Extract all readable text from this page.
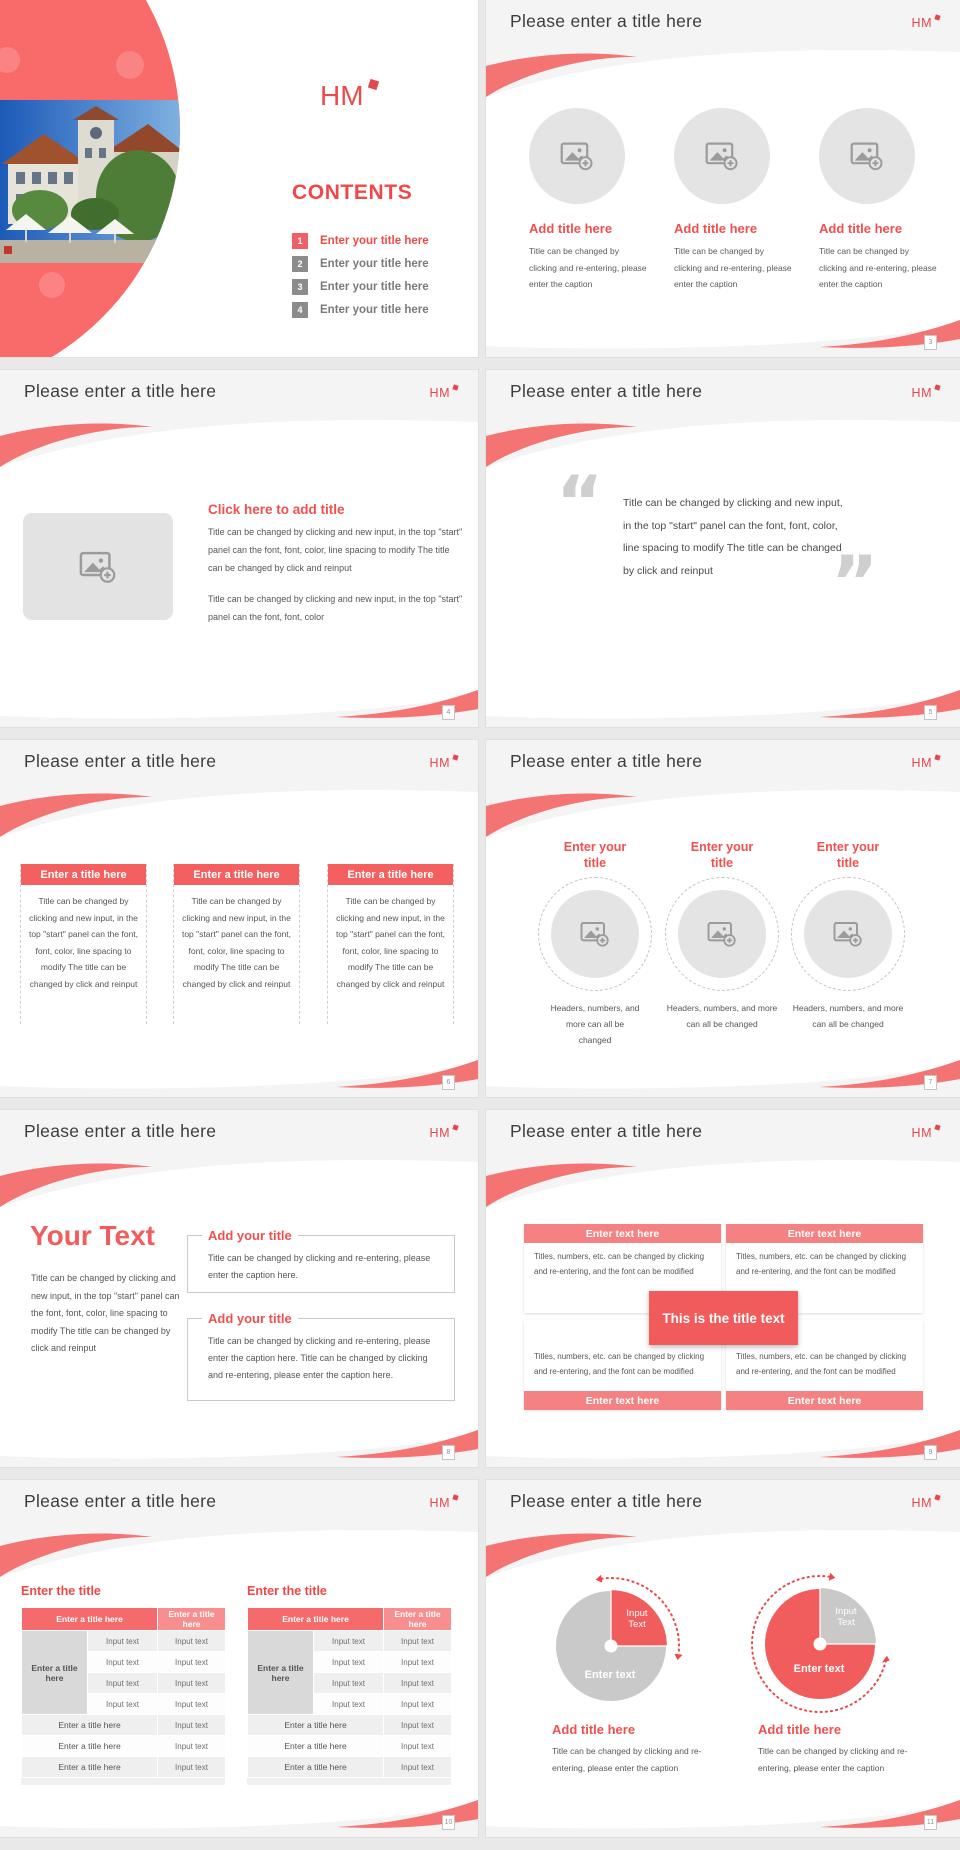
HM
CONTENTS
1	Enter your title here
2	Enter your title here
3	Enter your title here
4	Enter your title here
Please enter a title here	HM
Add title here
Title can be changed by clicking and re-entering, please enter the caption
Add title here
Title can be changed by clicking and re-entering, please enter the caption
Add title here
Title can be changed by clicking and re-entering, please enter the caption
3
Please enter a title here	HM
Click here to add title
Title can be changed by clicking and new input, in the top "start" panel can the font, font, color, line spacing to modify The title can be changed by click and reinput
Title can be changed by clicking and new input, in the top "start" panel can the font, font, color
4
Please enter a title here	HM
“ Title can be changed by clicking and new input, in the top "start" panel can the font, font, color, line spacing to modify The title can be changed by click and reinput	”
5
Please enter a title here	HM
Enter a title here
Title can be changed by clicking and new input, in the top "start" panel can the font, font, color, line spacing to modify The title can be changed by click and reinput
Enter a title here
Title can be changed by clicking and new input, in the top "start" panel can the font, font, color, line spacing to modify The title can be changed by click and reinput
Enter a title here
Title can be changed by clicking and new input, in the top "start" panel can the font, font, color, line spacing to modify The title can be changed by click and reinput
6
Please enter a title here	HM
Enter your title
Headers, numbers, and more can all be changed
Enter your title
Headers, numbers, and more can all be changed
Enter your title
Headers, numbers, and more can all be changed
7
Please enter a title here	HM
Your Text
Title can be changed by clicking and new input, in the top "start" panel can the font, font, color, line spacing to modify The title can be changed by click and reinput
Add your title
Title can be changed by clicking and re-entering, please enter the caption here.
Add your title
Title can be changed by clicking and re-entering, please enter the caption here. Title can be changed by clicking and re-entering, please enter the caption here.
8
Please enter a title here	HM
Enter text here
Titles, numbers, etc. can be changed by clicking and re-entering, and the font can be modified
Enter text here
Titles, numbers, etc. can be changed by clicking and re-entering, and the font can be modified
Titles, numbers, etc. can be changed by clicking and re-entering, and the font can be modified
Enter text here
Titles, numbers, etc. can be changed by clicking and re-entering, and the font can be modified
Enter text here
This is the title text
9
Please enter a title here	HM
Enter the title
Enter a title here		Enter a title here
Enter a title here	Input text	Input text
	Input text	Input text
	Input text	Input text
	Input text	Input text
Enter a title here		Input text
Enter a title here		Input text
Enter a title here		Input text
Enter the title
Enter a title here		Enter a title here
Enter a title here	Input text	Input text
	Input text	Input text
	Input text	Input text
	Input text	Input text
Enter a title here		Input text
Enter a title here		Input text
Enter a title here		Input text
10
Please enter a title here	HM
Input
Text
Enter text
Input
Text
Enter text
Add title here
Title can be changed by clicking and re-entering, please enter the caption
Add title here
Title can be changed by clicking and re-entering, please enter the caption
11
